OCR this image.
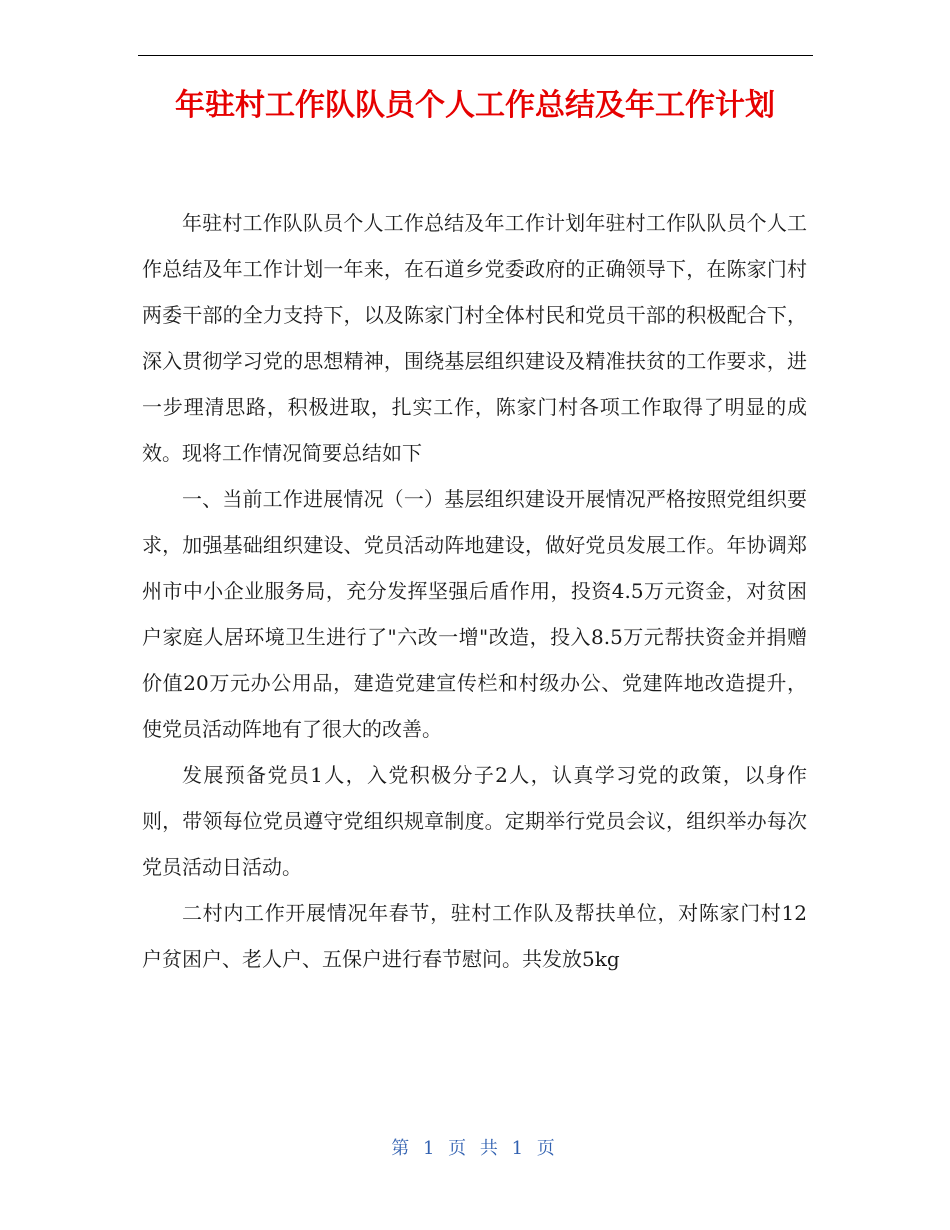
年驻村工作队队员个人工作总结及年工作计划

年驻村工作队队员个人工作总结及年工作计划年驻村工作队队员个人工作总结及年工作计划一年来，在石道乡党委政府的正确领导下，在陈家门村两委干部的全力支持下，以及陈家门村全体村民和党员干部的积极配合下，深入贯彻学习党的思想精神，围绕基层组织建设及精准扶贫的工作要求，进一步理清思路，积极进取，扎实工作，陈家门村各项工作取得了明显的成效。现将工作情况简要总结如下

一、当前工作进展情况（一）基层组织建设开展情况严格按照党组织要求，加强基础组织建设、党员活动阵地建设，做好党员发展工作。年协调郑州市中小企业服务局，充分发挥坚强后盾作用，投资4.5万元资金，对贫困户家庭人居环境卫生进行了"六改一增"改造，投入8.5万元帮扶资金并捐赠价值20万元办公用品，建造党建宣传栏和村级办公、党建阵地改造提升，使党员活动阵地有了很大的改善。

发展预备党员1人，入党积极分子2人，认真学习党的政策，以身作则，带领每位党员遵守党组织规章制度。定期举行党员会议，组织举办每次党员活动日活动。

二村内工作开展情况年春节，驻村工作队及帮扶单位，对陈家门村12户贫困户、老人户、五保户进行春节慰问。共发放5kg

第 1 页 共 1 页
